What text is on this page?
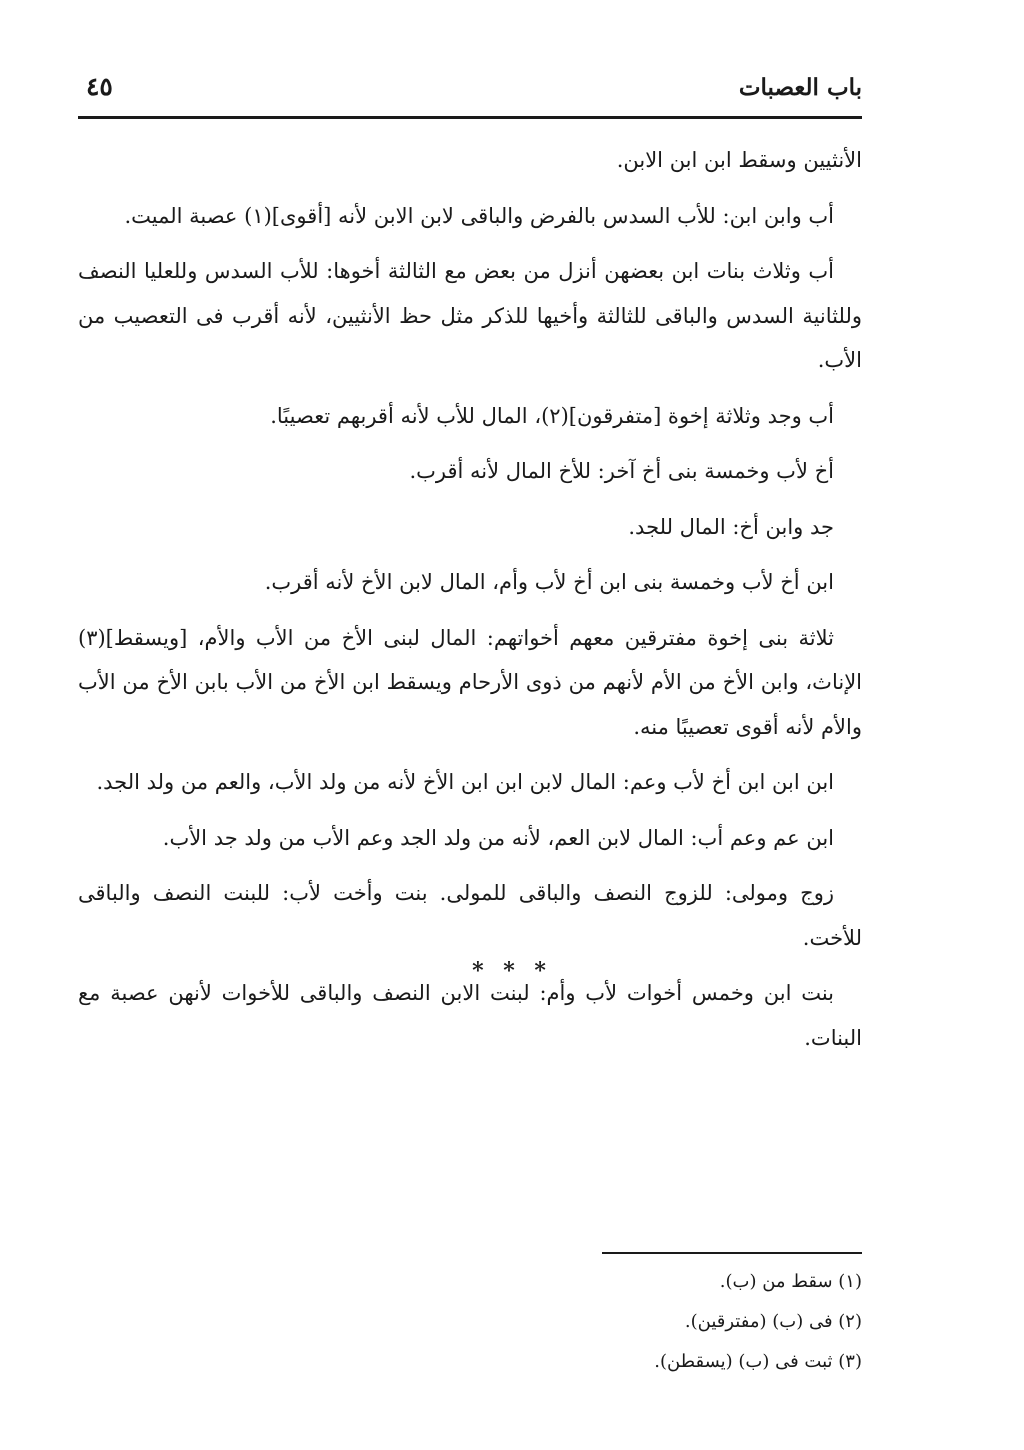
باب العصبات
٤٥

الأنثيين وسقط ابن ابن الابن.

أب وابن ابن: للأب السدس بالفرض والباقى لابن الابن لأنه [أقوى](١) عصبة الميت.

أب وثلاث بنات ابن بعضهن أنزل من بعض مع الثالثة أخوها: للأب السدس وللعليا النصف وللثانية السدس والباقى للثالثة وأخيها للذكر مثل حظ الأنثيين، لأنه أقرب فى التعصيب من الأب.

أب وجد وثلاثة إخوة [متفرقون](٢)، المال للأب لأنه أقربهم تعصيبًا.

أخ لأب وخمسة بنى أخ آخر: للأخ المال لأنه أقرب.

جد وابن أخ: المال للجد.

ابن أخ لأب وخمسة بنى ابن أخ لأب وأم، المال لابن الأخ لأنه أقرب.

ثلاثة بنى إخوة مفترقين معهم أخواتهم: المال لبنى الأخ من الأب والأم، [ويسقط](٣) الإناث، وابن الأخ من الأم لأنهم من ذوى الأرحام ويسقط ابن الأخ من الأب بابن الأخ من الأب والأم لأنه أقوى تعصيبًا منه.

ابن ابن ابن أخ لأب وعم: المال لابن ابن ابن الأخ لأنه من ولد الأب، والعم من ولد الجد.

ابن عم وعم أب: المال لابن العم، لأنه من ولد الجد وعم الأب من ولد جد الأب.

زوج ومولى: للزوج النصف والباقى للمولى. بنت وأخت لأب: للبنت النصف والباقى للأخت.

بنت ابن وخمس أخوات لأب وأم: لبنت الابن النصف والباقى للأخوات لأنهن عصبة مع البنات.

* * *

(١) سقط من (ب).

(٢) فى (ب) (مفترقين).

(٣) ثبت فى (ب) (يسقطن).
